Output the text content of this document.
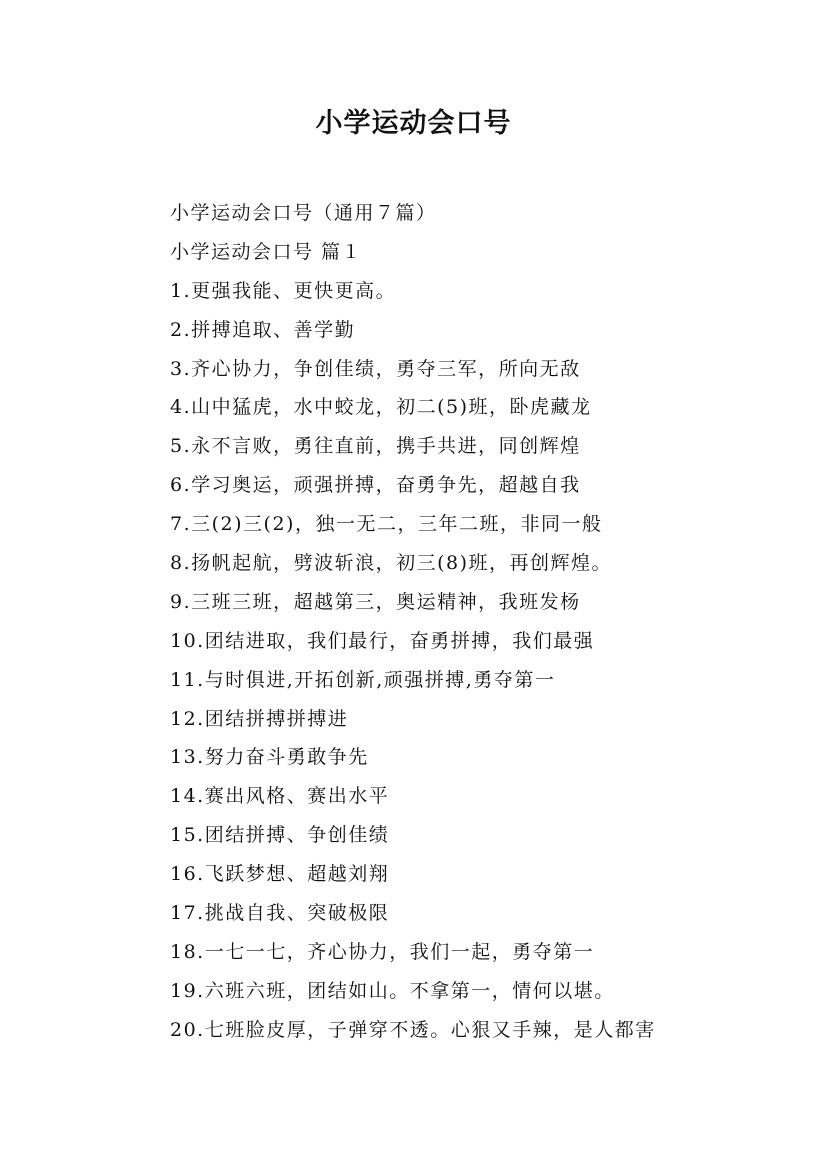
小学运动会口号
小学运动会口号（通用７篇）
小学运动会口号 篇１
1.更强我能、更快更高。
2.拼搏追取、善学勤
3.齐心协力，争创佳绩，勇夺三军，所向无敌
4.山中猛虎，水中蛟龙，初二(5)班，卧虎藏龙
5.永不言败，勇往直前，携手共进，同创辉煌
6.学习奥运，顽强拼搏，奋勇争先，超越自我
7.三(2)三(2)，独一无二，三年二班，非同一般
8.扬帆起航，劈波斩浪，初三(8)班，再创辉煌。
9.三班三班，超越第三，奥运精神，我班发杨
10.团结进取，我们最行，奋勇拼搏，我们最强
11.与时俱进,开拓创新,顽强拼搏,勇夺第一
12.团结拼搏拼搏进
13.努力奋斗勇敢争先
14.赛出风格、赛出水平
15.团结拼搏、争创佳绩
16.飞跃梦想、超越刘翔
17.挑战自我、突破极限
18.一七一七，齐心协力，我们一起，勇夺第一
19.六班六班，团结如山。不拿第一，情何以堪。
20.七班脸皮厚，子弹穿不透。心狠又手辣，是人都害
